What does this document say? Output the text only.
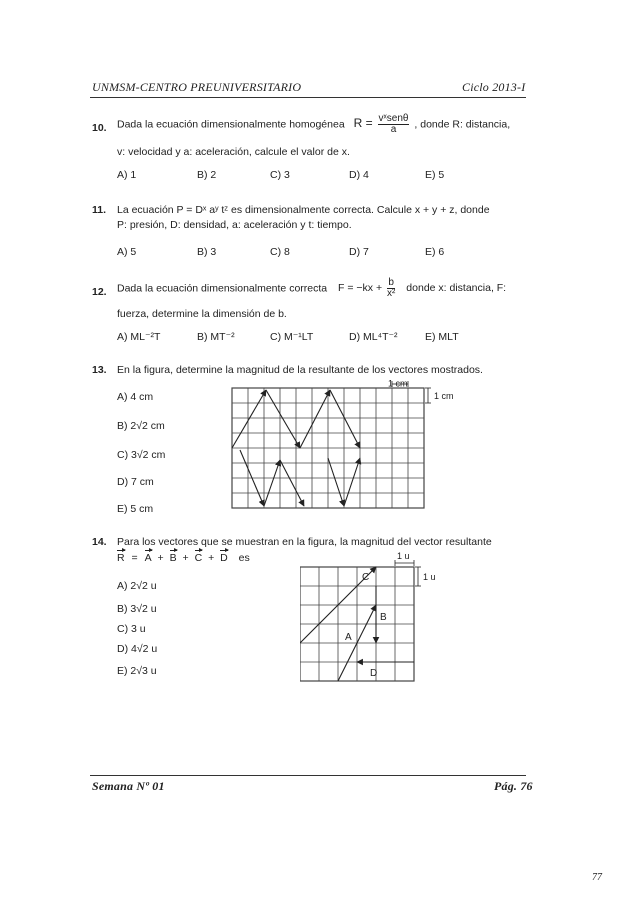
UNMSM-CENTRO PREUNIVERSITARIO	Ciclo 2013-I
10. Dada la ecuación dimensionalmente homogénea $R = \frac{\text{vˣsenθ}}{a}$ , donde R: distancia,
v: velocidad y a: aceleración, calcule el valor de x.
A) 1	B) 2	C) 3	D) 4	E) 5
11. La ecuación P = Dˣ aʸ tᶻ es dimensionalmente correcta. Calcule x + y + z, donde
P: presión, D: densidad, a: aceleración y t: tiempo.
A) 5	B) 3	C) 8	D) 7	E) 6
12. Dada la ecuación dimensionalmente correcta $F = -kx + \frac{b}{\text{x²}}$ donde x: distancia, F:
fuerza, determine la dimensión de b.
A) ML⁻²T	B) MT⁻²	C) M⁻¹LT	D) ML⁴T⁻²	E) MLT
13. En la figura, determine la magnitud de la resultante de los vectores mostrados.
A) 4 cm
B) 2√2 cm
C) 3√2 cm
D) 7 cm
E) 5 cm
1 cm
1 cm
14. Para los vectores que se muestran en la figura, la magnitud del vector resultante
R = A + B + C + D es
A) 2√2 u
B) 3√2 u
C) 3 u
D) 4√2 u
E) 2√3 u
A
B
C
D
1 u
1 u
Semana Nº 01	Pág. 76
77
